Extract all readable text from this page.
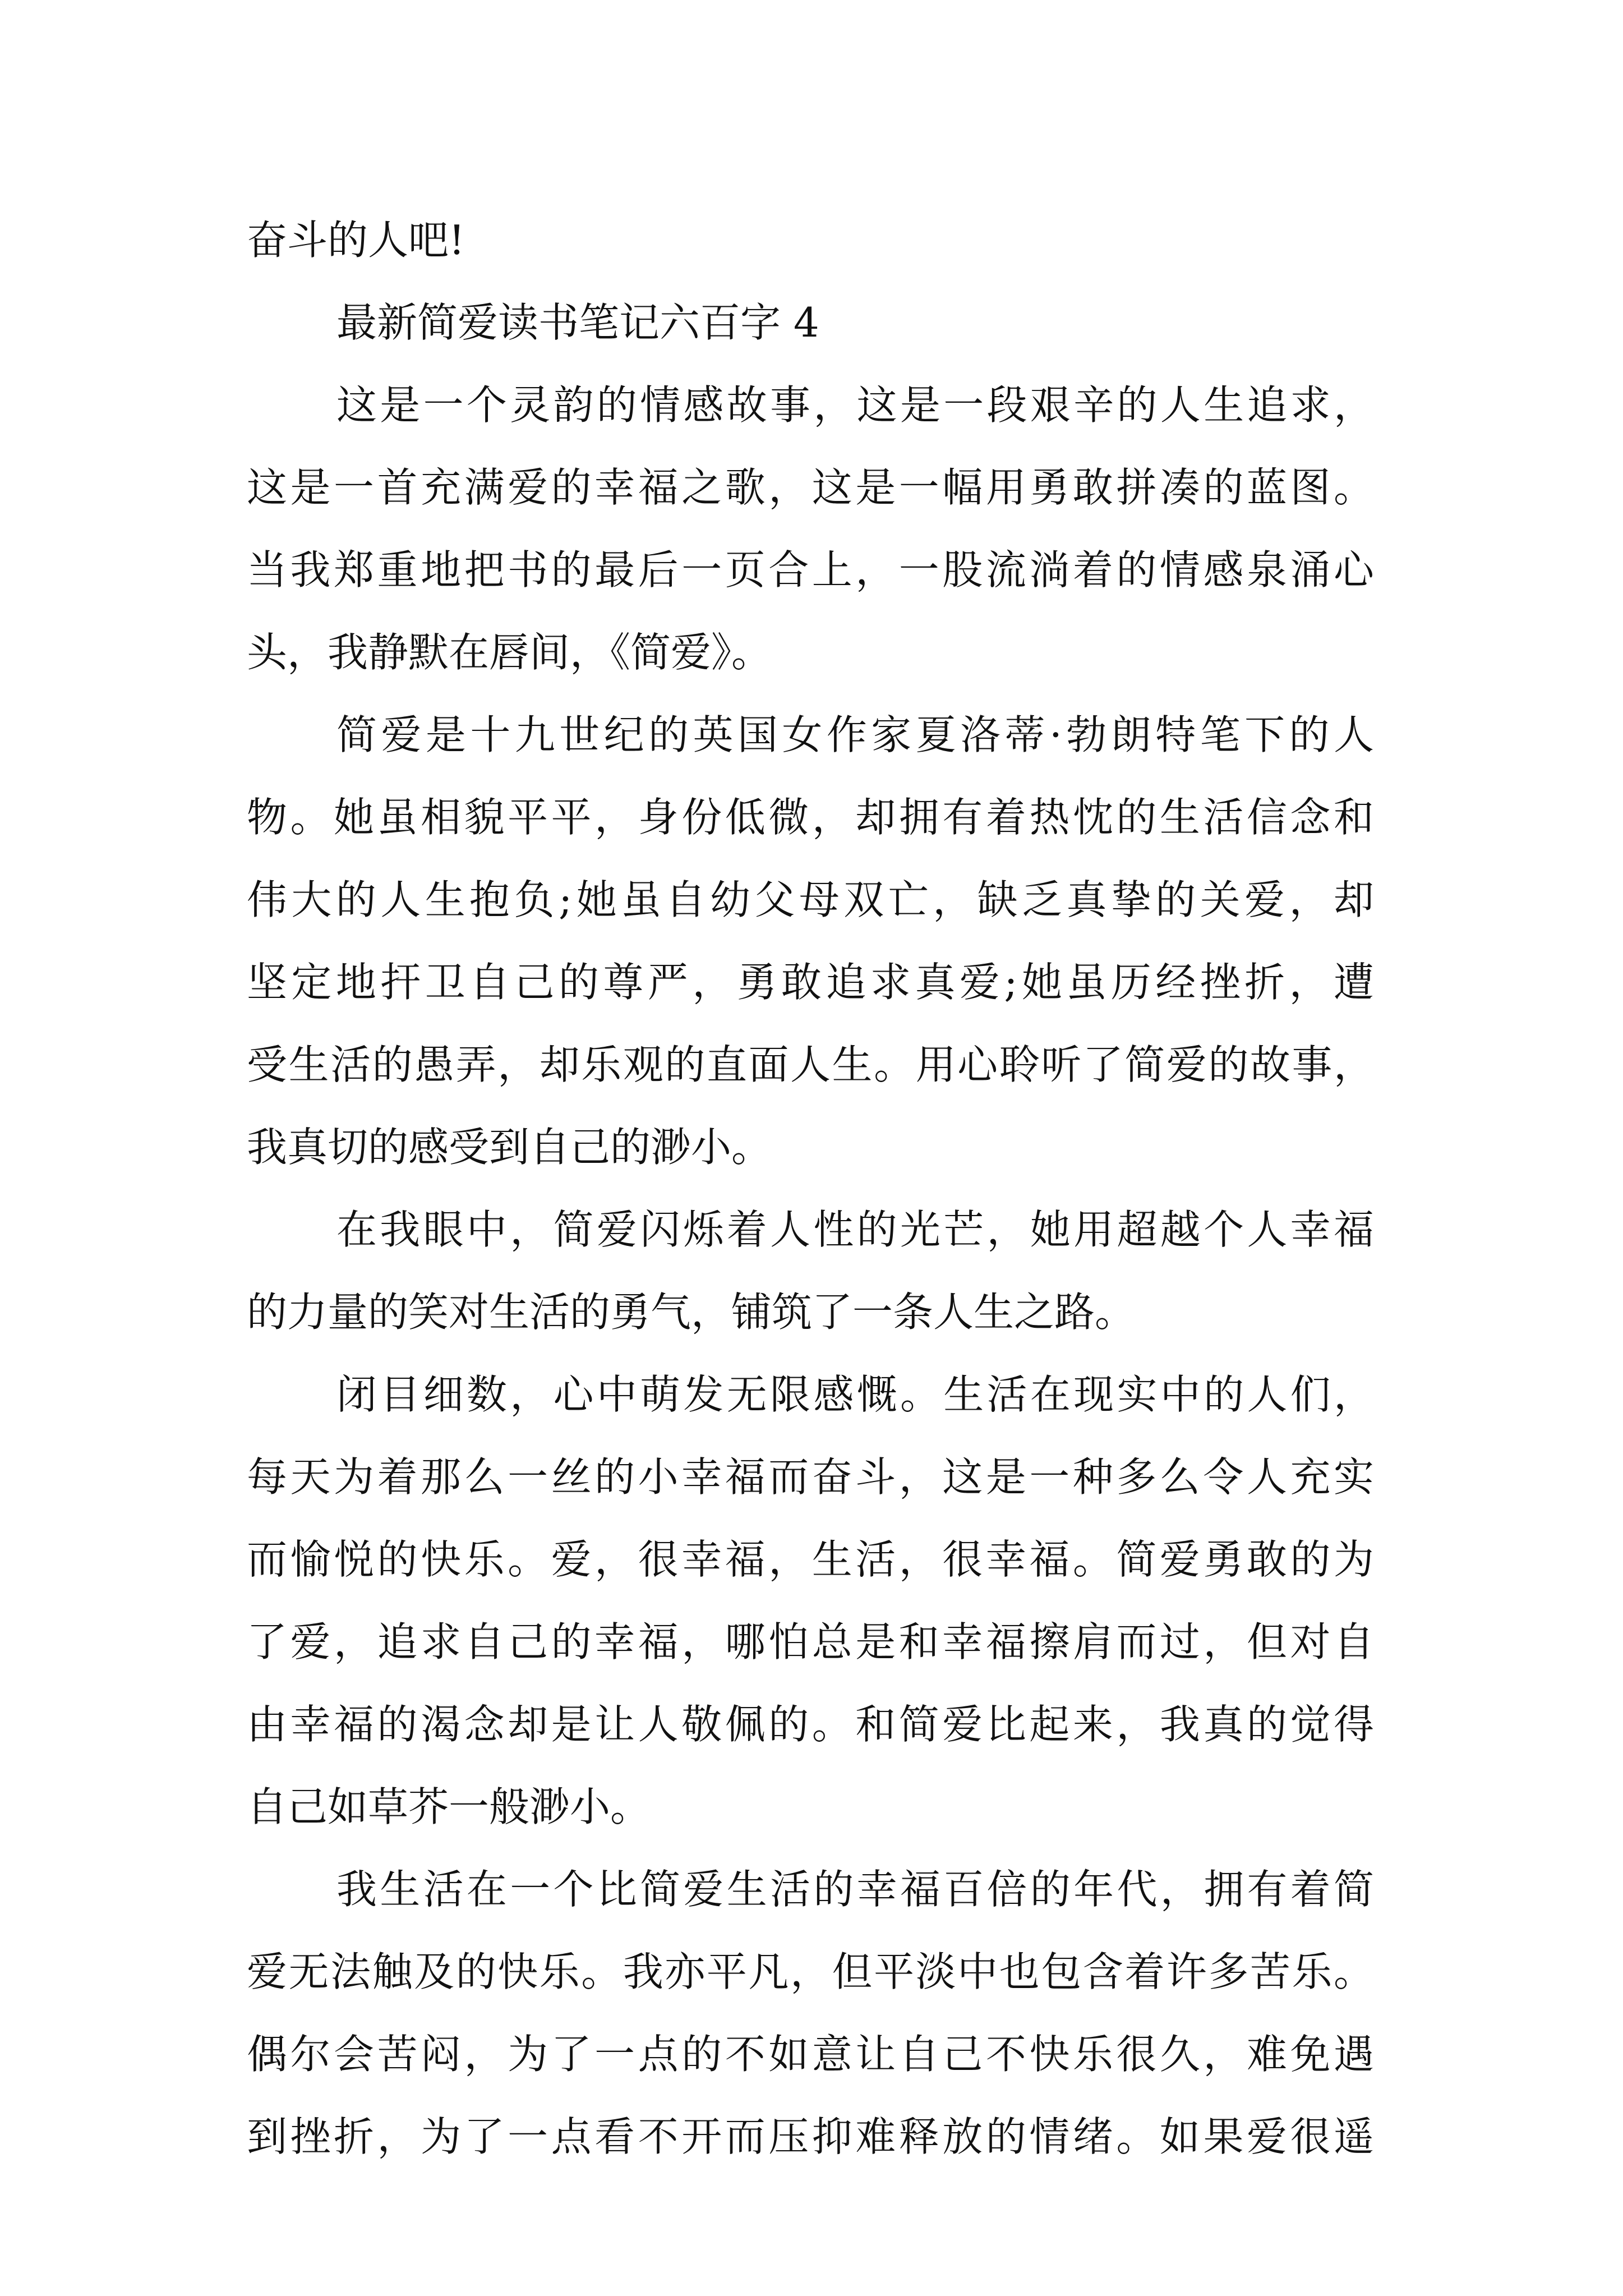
奋斗的人吧!
最新简爱读书笔记六百字 4
这是一个灵韵的情感故事，这是一段艰辛的人生追求，
这是一首充满爱的幸福之歌，这是一幅用勇敢拼凑的蓝图。
当我郑重地把书的最后一页合上，一股流淌着的情感泉涌心
头，我静默在唇间，《简爱》。
简爱是十九世纪的英国女作家夏洛蒂·勃朗特笔下的人
物。她虽相貌平平，身份低微，却拥有着热忱的生活信念和
伟大的人生抱负;她虽自幼父母双亡，缺乏真挚的关爱，却
坚定地扞卫自己的尊严，勇敢追求真爱;她虽历经挫折，遭
受生活的愚弄，却乐观的直面人生。用心聆听了简爱的故事，
我真切的感受到自己的渺小。
在我眼中，简爱闪烁着人性的光芒，她用超越个人幸福
的力量的笑对生活的勇气，铺筑了一条人生之路。
闭目细数，心中萌发无限感慨。生活在现实中的人们，
每天为着那么一丝的小幸福而奋斗，这是一种多么令人充实
而愉悦的快乐。爱，很幸福，生活，很幸福。简爱勇敢的为
了爱，追求自己的幸福，哪怕总是和幸福擦肩而过，但对自
由幸福的渴念却是让人敬佩的。和简爱比起来，我真的觉得
自己如草芥一般渺小。
我生活在一个比简爱生活的幸福百倍的年代，拥有着简
爱无法触及的快乐。我亦平凡，但平淡中也包含着许多苦乐。
偶尔会苦闷，为了一点的不如意让自己不快乐很久，难免遇
到挫折，为了一点看不开而压抑难释放的情绪。如果爱很遥
